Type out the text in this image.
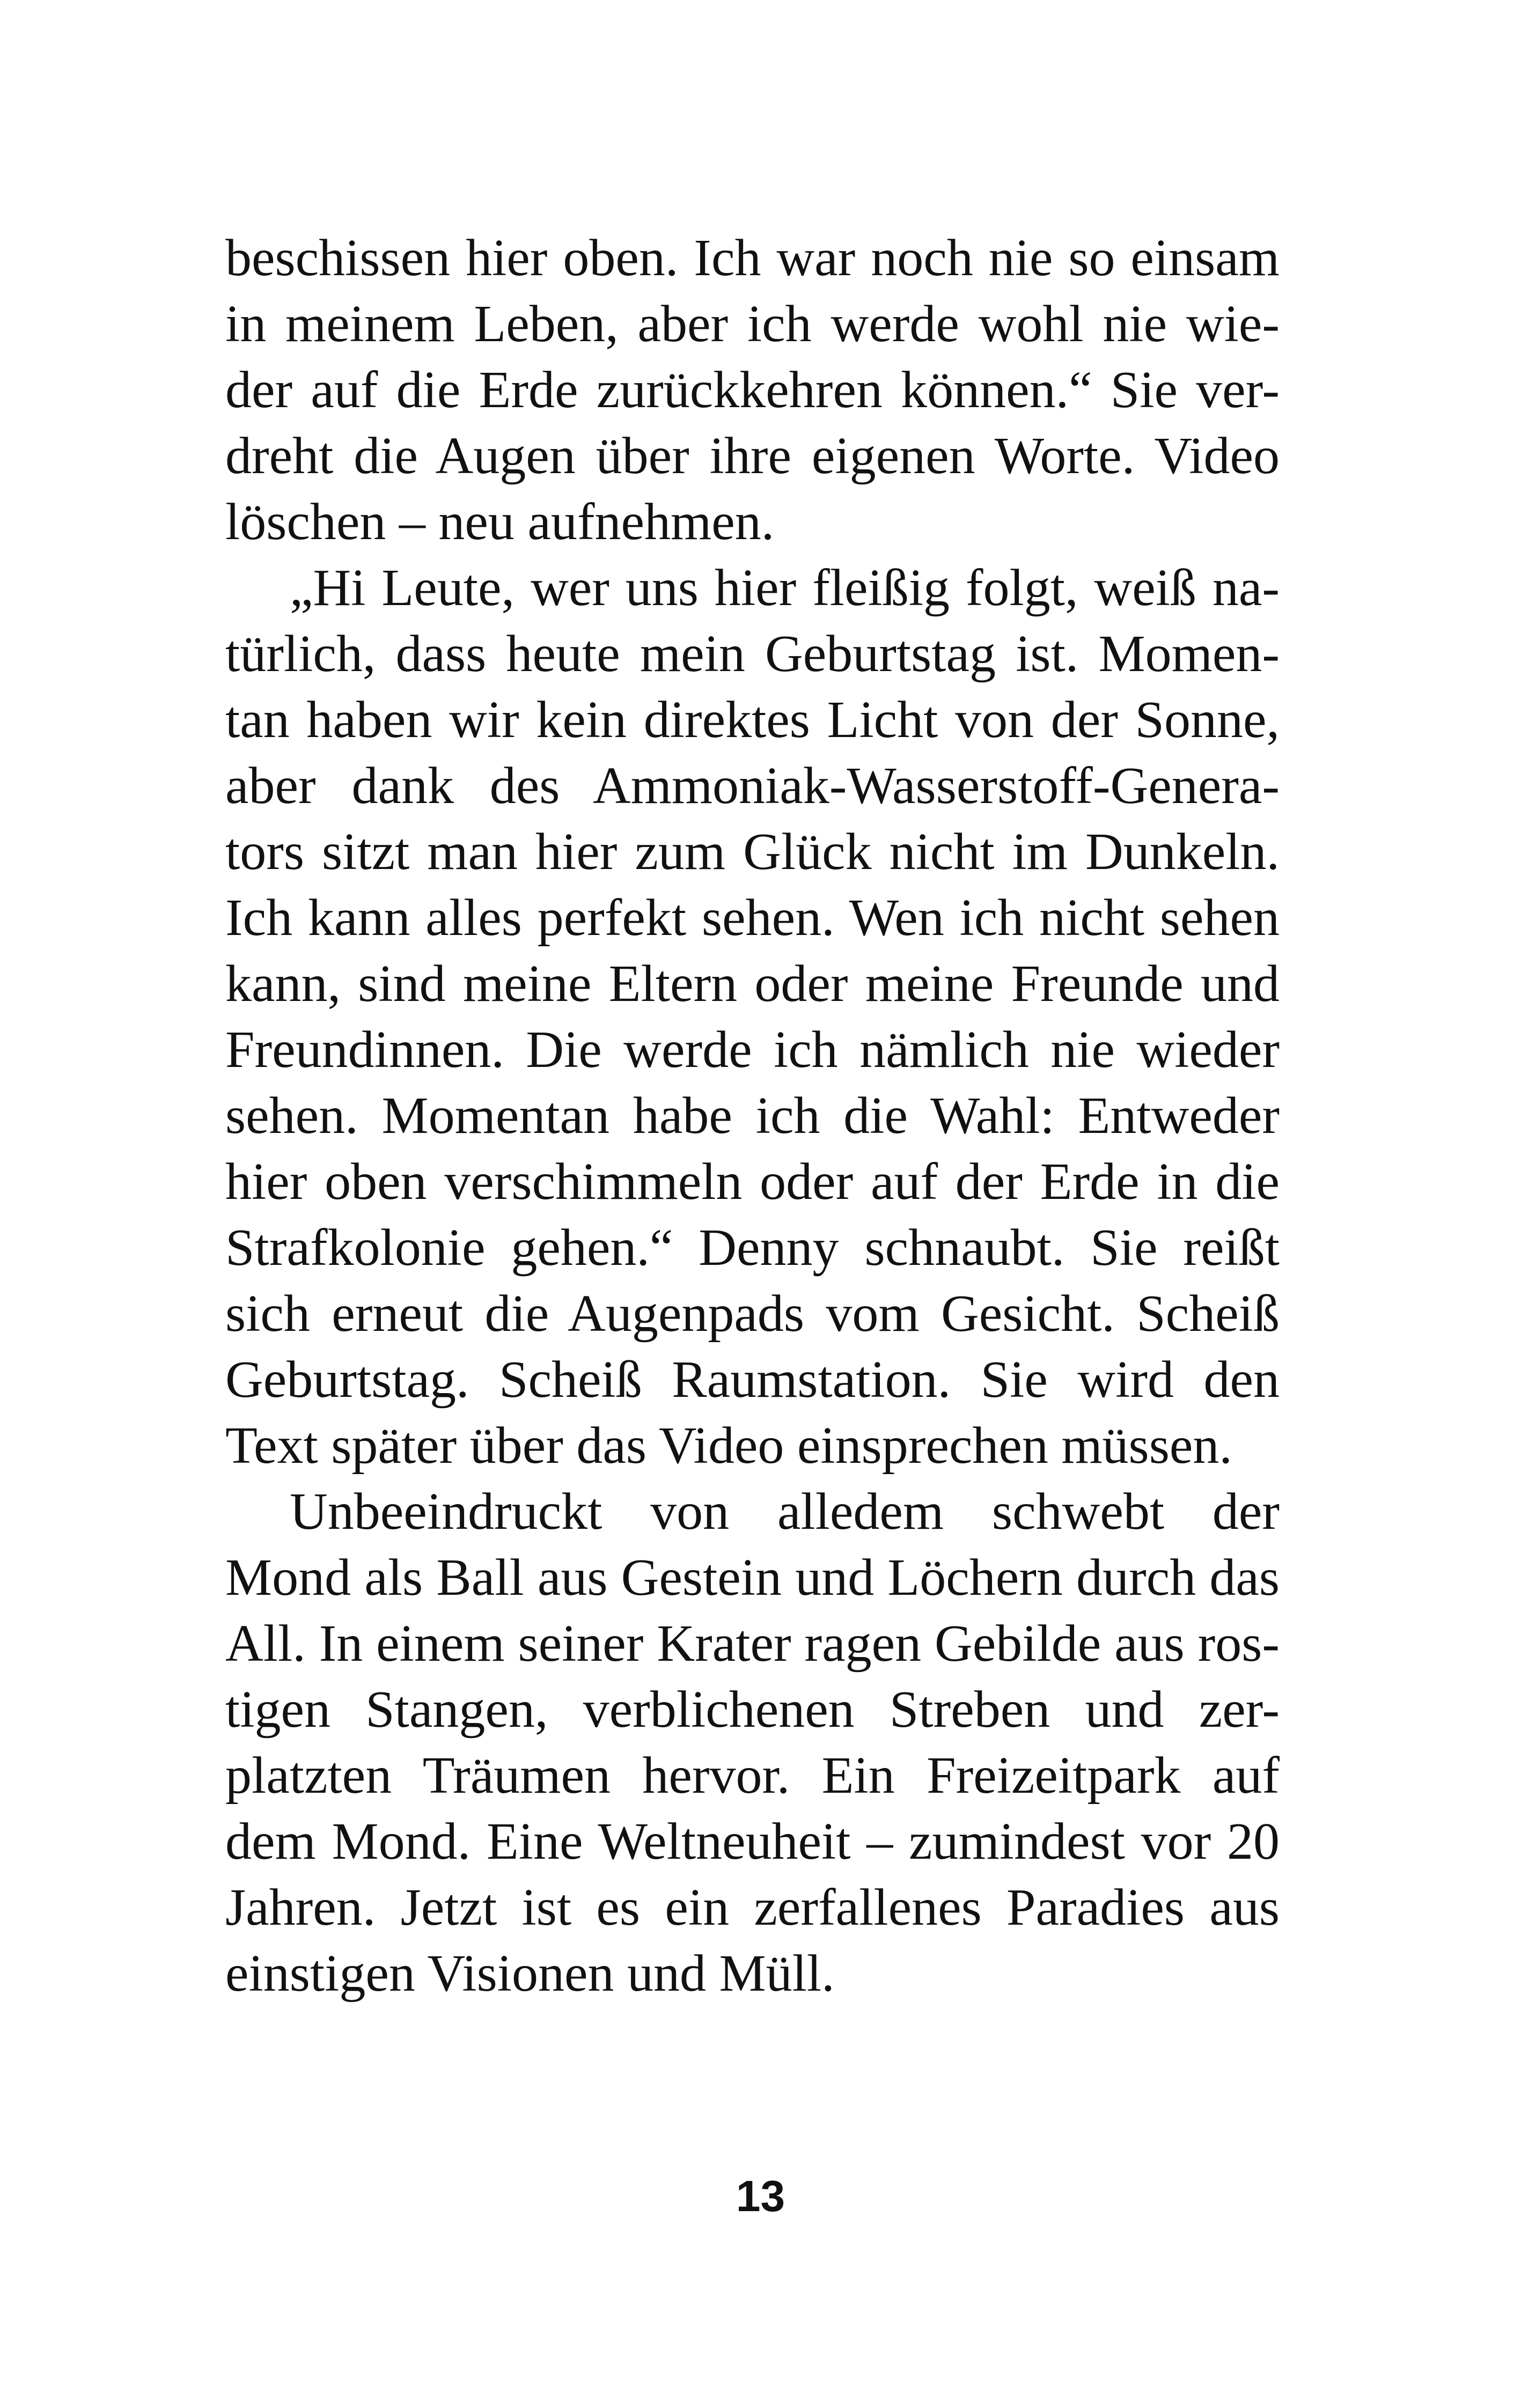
beschissen hier oben. Ich war noch nie so einsam
in meinem Leben, aber ich werde wohl nie wie-
der auf die Erde zurückkehren können.“ Sie ver-
dreht die Augen über ihre eigenen Worte. Video
löschen – neu aufnehmen.
„Hi Leute, wer uns hier fleißig folgt, weiß na-
türlich, dass heute mein Geburtstag ist. Momen-
tan haben wir kein direktes Licht von der Sonne,
aber dank des Ammoniak-Wasserstoff-Genera-
tors sitzt man hier zum Glück nicht im Dunkeln.
Ich kann alles perfekt sehen. Wen ich nicht sehen
kann, sind meine Eltern oder meine Freunde und
Freundinnen. Die werde ich nämlich nie wieder
sehen. Momentan habe ich die Wahl: Entweder
hier oben verschimmeln oder auf der Erde in die
Strafkolonie gehen.“ Denny schnaubt. Sie reißt
sich erneut die Augenpads vom Gesicht. Scheiß
Geburtstag. Scheiß Raumstation. Sie wird den
Text später über das Video einsprechen müssen.
Unbeeindruckt von alledem schwebt der
Mond als Ball aus Gestein und Löchern durch das
All. In einem seiner Krater ragen Gebilde aus ros-
tigen Stangen, verblichenen Streben und zer-
platzten Träumen hervor. Ein Freizeitpark auf
dem Mond. Eine Weltneuheit – zumindest vor 20
Jahren. Jetzt ist es ein zerfallenes Paradies aus
einstigen Visionen und Müll.
13
